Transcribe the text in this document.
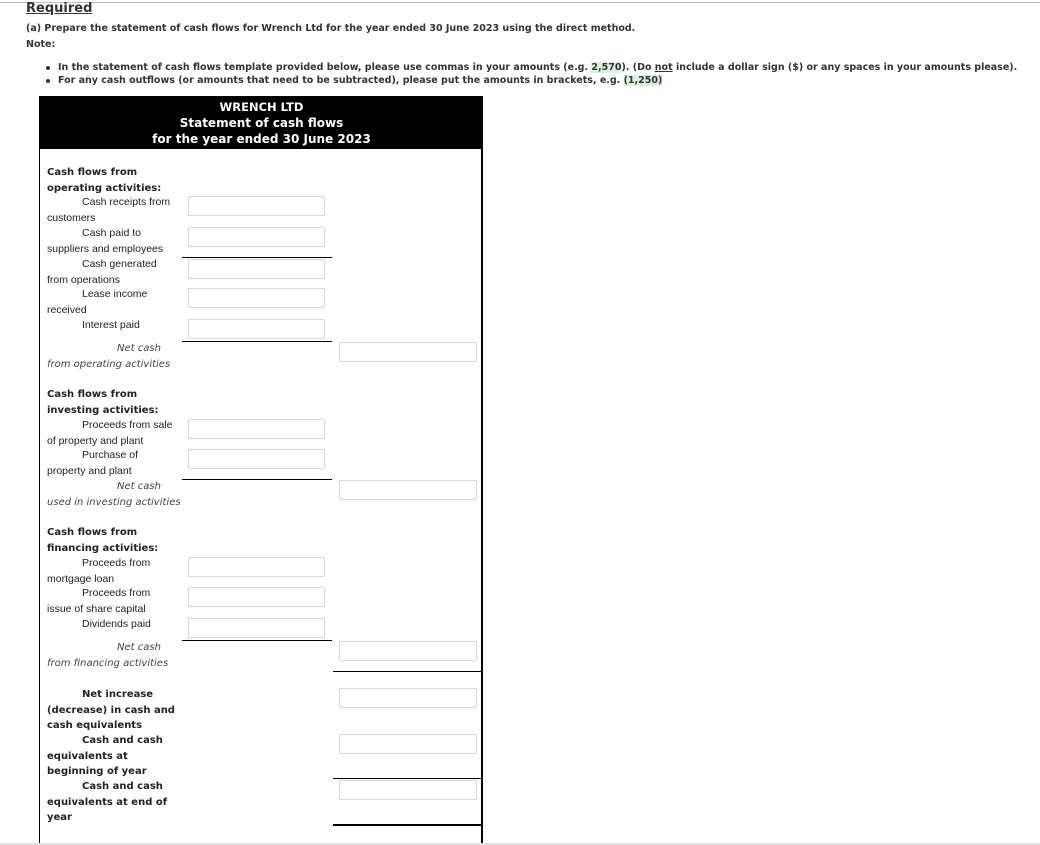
Required
(a) Prepare the statement of cash flows for Wrench Ltd for the year ended 30 June 2023 using the direct method.
Note:
In the statement of cash flows template provided below, please use commas in your amounts (e.g. 2,570). (Do not include a dollar sign ($) or any spaces in your amounts please).
For any cash outflows (or amounts that need to be subtracted), please put the amounts in brackets, e.g. (1,250)
WRENCH LTD
Statement of cash flows
for the year ended 30 June 2023
Cash flows from
operating activities:
Cash receipts from
customers
Cash paid to
suppliers and employees
Cash generated
from operations
Lease income
received
Interest paid
Net cash
from operating activities
Cash flows from
investing activities:
Proceeds from sale
of property and plant
Purchase of
property and plant
Net cash
used in investing activities
Cash flows from
financing activities:
Proceeds from
mortgage loan
Proceeds from
issue of share capital
Dividends paid
Net cash
from financing activities
Net increase
(decrease) in cash and
cash equivalents
Cash and cash
equivalents at
beginning of year
Cash and cash
equivalents at end of
year
